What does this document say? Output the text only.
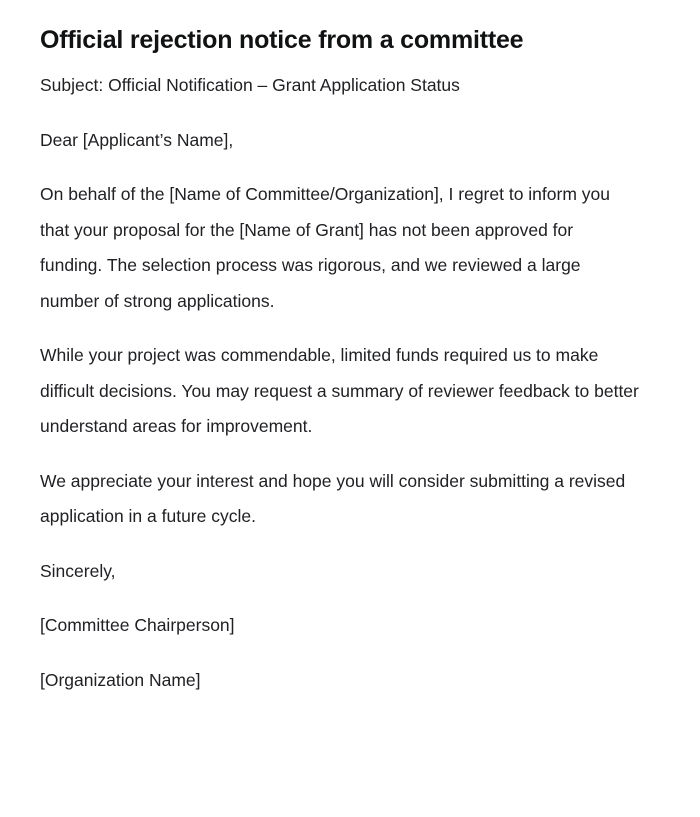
Official rejection notice from a committee

Subject: Official Notification – Grant Application Status

Dear [Applicant’s Name],

On behalf of the [Name of Committee/Organization], I regret to inform you that your proposal for the [Name of Grant] has not been approved for funding. The selection process was rigorous, and we reviewed a large number of strong applications.

While your project was commendable, limited funds required us to make difficult decisions. You may request a summary of reviewer feedback to better understand areas for improvement.

We appreciate your interest and hope you will consider submitting a revised application in a future cycle.

Sincerely,

[Committee Chairperson]

[Organization Name]
